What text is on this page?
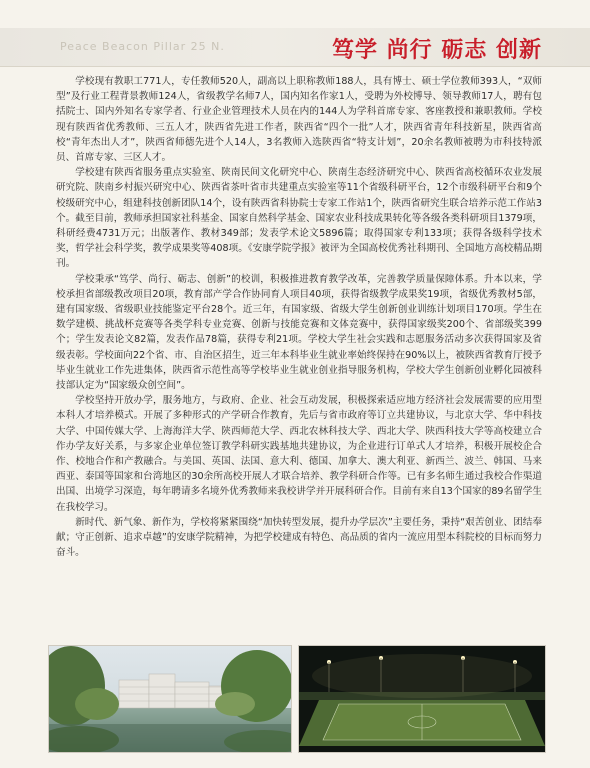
Peace Beacon Pillar 25 N.	笃学 尚行 砺志 创新

学校现有教职工771人，专任教师520人，副高以上职称教师188人，具有博士、硕士学位教师393人，“双师型”及行业工程背景教师124人，省级教学名师7人，国内知名作家1人，受聘为外校博导、领导教师17人，聘有包括院士、国内外知名专家学者、行业企业管理技术人员在内的144人为学科首席专家、客座教授和兼职教师。学校现有陕西省优秀教师、三五人才，陕西省先进工作者，陕西省“四个一批”人才，陕西省青年科技新星，陕西省高校“青年杰出人才”，陕西省师德先进个人14人，3名教师入选陕西省“特支计划”，20余名教师被聘为市科技特派员、首席专家、三区人才。

学校建有陕西省服务重点实验室、陕南民间文化研究中心、陕南生态经济研究中心、陕西省高校循环农业发展研究院、陕南乡村振兴研究中心、陕西省茶叶省市共建重点实验室等11个省级科研平台，12个市级科研平台和9个校级研究中心，组建科技创新团队14个，设有陕西省科协院士专家工作站1个，陕西省研究生联合培养示范工作站3个。截至目前，教师承担国家社科基金、国家自然科学基金、国家农业科技成果转化等各级各类科研项目1379项，科研经费4731万元；出版著作、教材349部；发表学术论文5896篇；取得国家专利133项；获得各级科学技术奖，哲学社会科学奖，教学成果奖等408项。《安康学院学报》被评为全国高校优秀社科期刊、全国地方高校精品期刊。

学校秉承“笃学、尚行、砺志、创新”的校训，积极推进教育教学改革，完善教学质量保障体系。升本以来，学校承担省部级教改项目20项，教育部产学合作协同育人项目40项，获得省级教学成果奖19项，省级优秀教材5部，建有国家级、省级职业技能鉴定平台28个。近三年，有国家级、省级大学生创新创业训练计划项目170项。学生在数学建模、挑战杯竞赛等各类学科专业竞赛、创新与技能竞赛和文体竞赛中，获得国家级奖200个、省部级奖399个；学生发表论文82篇，发表作品78篇，获得专利21项。学校大学生社会实践和志愿服务活动多次获得国家及省级表彰。学校面向22个省、市、自治区招生，近三年本科毕业生就业率始终保持在90%以上，被陕西省教育厅授予毕业生就业工作先进集体，陕西省示范性高等学校毕业生就业创业指导服务机构，学校大学生创新创业孵化园被科技部认定为“国家级众创空间”。

学校坚持开放办学，服务地方，与政府、企业、社会互动发展，积极探索适应地方经济社会发展需要的应用型本科人才培养模式。开展了多种形式的产学研合作教育，先后与省市政府等订立共建协议，与北京大学、华中科技大学、中国传媒大学、上海海洋大学、陕西师范大学、西北农林科技大学、西北大学、陕西科技大学等高校建立合作办学友好关系，与多家企业单位签订教学科研实践基地共建协议，为企业进行订单式人才培养，积极开展校企合作、校地合作和产教融合。与美国、英国、法国、意大利、德国、加拿大、澳大利亚、新西兰、波兰、韩国、马来西亚、泰国等国家和台湾地区的30余所高校开展人才联合培养、教学科研合作等。已有多名师生通过我校合作渠道出国、出境学习深造，每年聘请多名境外优秀教师来我校讲学并开展科研合作。目前有来自13个国家的89名留学生在我校学习。

新时代、新气象、新作为，学校将紧紧围绕“加快转型发展，提升办学层次”主要任务，秉持“艰苦创业、团结奉献；守正创新、追求卓越”的安康学院精神，为把学校建成有特色、高品质的省内一流应用型本科院校的目标而努力奋斗。
